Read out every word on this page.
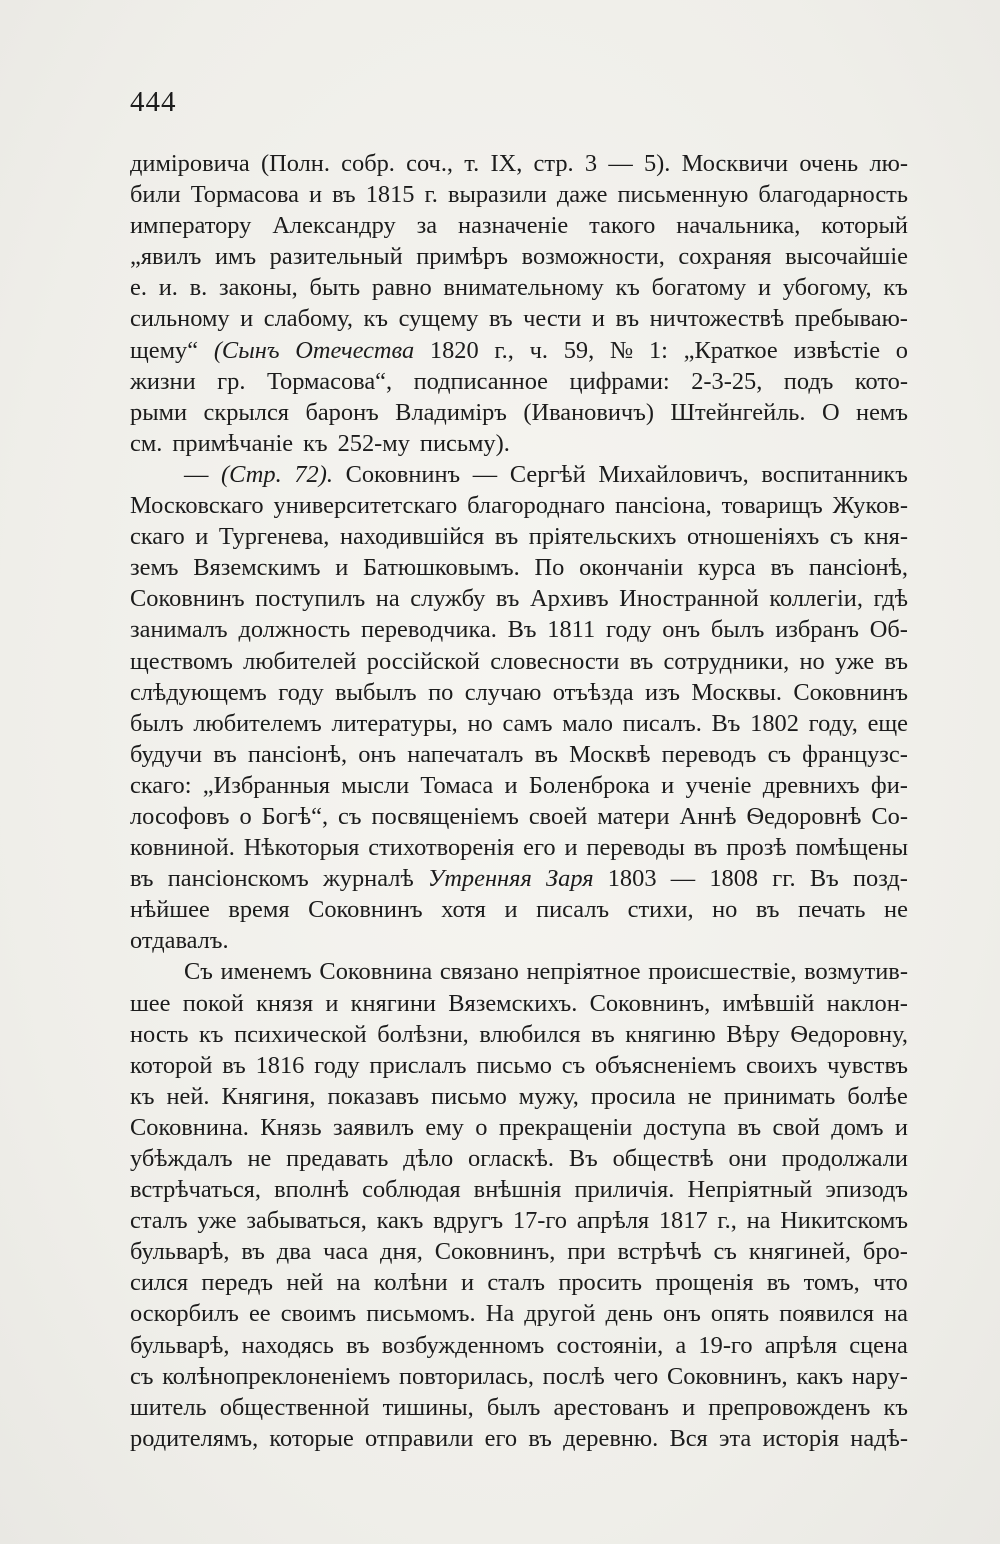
444
димiровича (Полн. собр. соч., т. IX, стр. 3 — 5). Москвичи очень лю-
били Тормасова и въ 1815 г. выразили даже письменную благодарность
императору Александру за назначенiе такого начальника, который
„явилъ имъ разительный примѣръ возможности, сохраняя высочайшiе
е. и. в. законы, быть равно внимательному къ богатому и убогому, къ
сильному и слабому, къ сущему въ чести и въ ничтожествѣ пребываю-
щему“ (Сынъ Отечества 1820 г., ч. 59, № 1: „Краткое извѣстiе о
жизни гр. Тормасова“, подписанное цифрами: 2-3-25, подъ кото-
рыми скрылся баронъ Владимiръ (Ивановичъ) Штейнгейль. О немъ
см. примѣчанiе къ 252-му письму).
— (Стр. 72). Соковнинъ — Сергѣй Михайловичъ, воспитанникъ
Московскаго университетскаго благороднаго пансiона, товарищъ Жуков-
скаго и Тургенева, находившiйся въ прiятельскихъ отношенiяхъ съ кня-
земъ Вяземскимъ и Батюшковымъ. По окончанiи курса въ пансiонѣ,
Соковнинъ поступилъ на службу въ Архивъ Иностранной коллегiи, гдѣ
занималъ должность переводчика. Въ 1811 году онъ былъ избранъ Об-
ществомъ любителей россiйской словесности въ сотрудники, но уже въ
слѣдующемъ году выбылъ по случаю отъѣзда изъ Москвы. Соковнинъ
былъ любителемъ литературы, но самъ мало писалъ. Въ 1802 году, еще
будучи въ пансiонѣ, онъ напечаталъ въ Москвѣ переводъ съ французс-
скаго: „Избранныя мысли Томаса и Боленброка и ученiе древнихъ фи-
лософовъ о Богѣ“, съ посвященiемъ своей матери Аннѣ Ѳедоровнѣ Со-
ковниной. Нѣкоторыя стихотворенiя его и переводы въ прозѣ помѣщены
въ пансiонскомъ журналѣ Утренняя Заря 1803 — 1808 гг. Въ позд-
нѣйшее время Соковнинъ хотя и писалъ стихи, но въ печать не
отдавалъ.
Съ именемъ Соковнина связано непрiятное происшествiе, возмутив-
шее покой князя и княгини Вяземскихъ. Соковнинъ, имѣвшiй наклон-
ность къ психической болѣзни, влюбился въ княгиню Вѣру Ѳедоровну,
которой въ 1816 году прислалъ письмо съ объясненiемъ своихъ чувствъ
къ ней. Княгиня, показавъ письмо мужу, просила не принимать болѣе
Соковнина. Князь заявилъ ему о прекращенiи доступа въ свой домъ и
убѣждалъ не предавать дѣло огласкѣ. Въ обществѣ они продолжали
встрѣчаться, вполнѣ соблюдая внѣшнiя приличiя. Непрiятный эпизодъ
сталъ уже забываться, какъ вдругъ 17-го апрѣля 1817 г., на Никитскомъ
бульварѣ, въ два часа дня, Соковнинъ, при встрѣчѣ съ княгиней, бро-
сился передъ ней на колѣни и сталъ просить прощенiя въ томъ, что
оскорбилъ ее своимъ письмомъ. На другой день онъ опять появился на
бульварѣ, находясь въ возбужденномъ состоянiи, а 19-го апрѣля сцена
съ колѣнопреклоненiемъ повторилась, послѣ чего Соковнинъ, какъ нару-
шитель общественной тишины, былъ арестованъ и препровожденъ къ
родителямъ, которые отправили его въ деревню. Вся эта исторiя надѣ-
